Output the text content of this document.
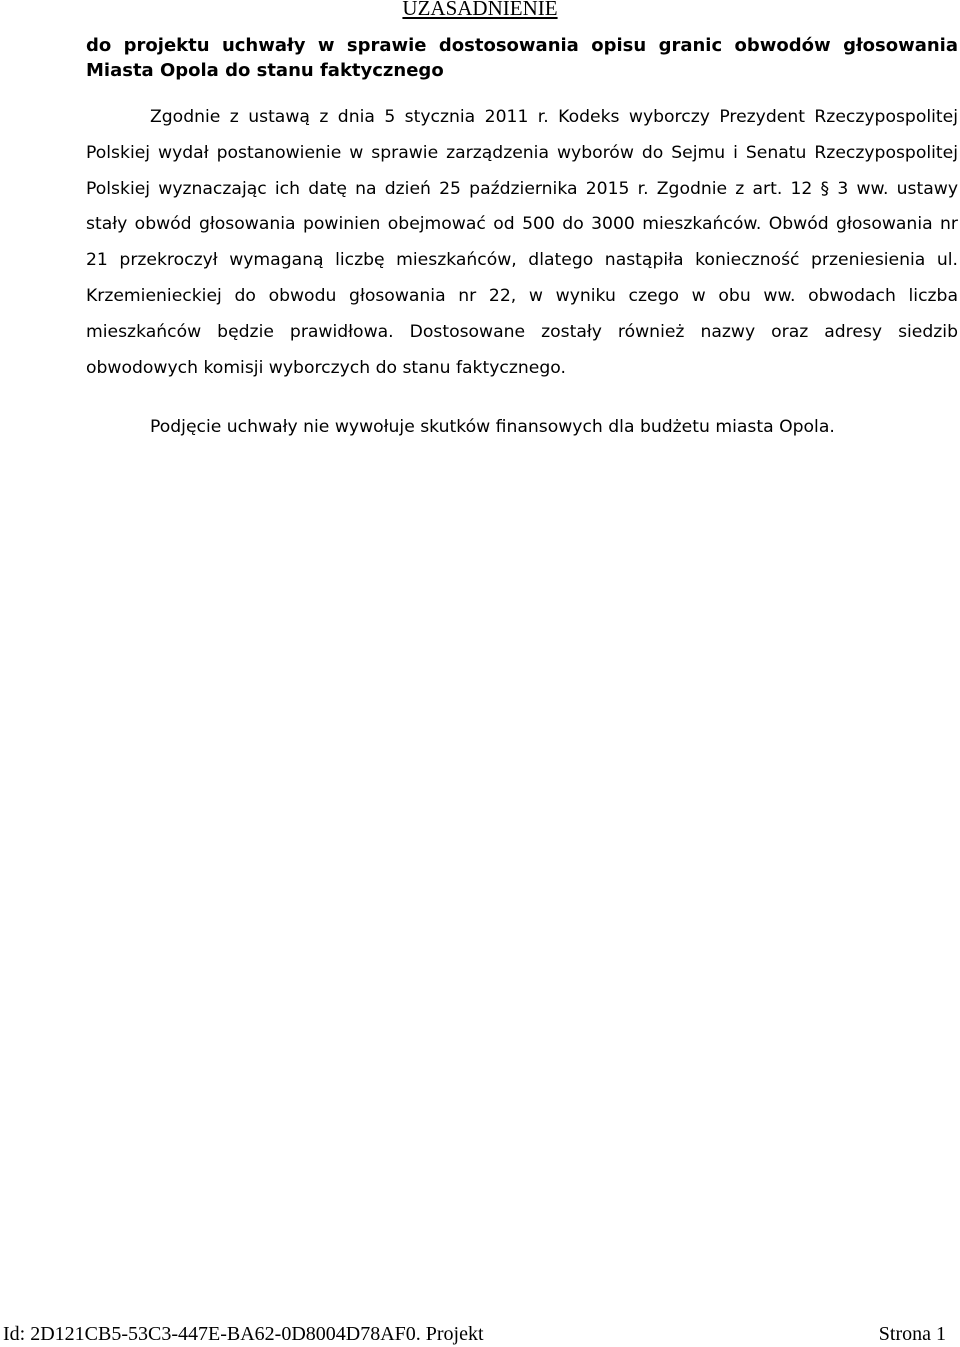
UZASADNIENIE
do projektu uchwały w sprawie dostosowania opisu granic obwodów głosowania Miasta Opola do stanu faktycznego

Zgodnie z ustawą z dnia 5 stycznia 2011 r. Kodeks wyborczy Prezydent Rzeczypospolitej Polskiej wydał postanowienie w sprawie zarządzenia wyborów do Sejmu i Senatu Rzeczypospolitej Polskiej wyznaczając ich datę na dzień 25 października 2015 r. Zgodnie z art. 12 § 3 ww. ustawy stały obwód głosowania powinien obejmować od 500 do 3000 mieszkańców. Obwód głosowania nr 21 przekroczył wymaganą liczbę mieszkańców, dlatego nastąpiła konieczność przeniesienia ul. Krzemienieckiej do obwodu głosowania nr 22, w wyniku czego w obu ww. obwodach liczba mieszkańców będzie prawidłowa. Dostosowane zostały również nazwy oraz adresy siedzib obwodowych komisji wyborczych do stanu faktycznego.

Podjęcie uchwały nie wywołuje skutków finansowych dla budżetu miasta Opola.

Id: 2D121CB5-53C3-447E-BA62-0D8004D78AF0. Projekt	Strona 1
